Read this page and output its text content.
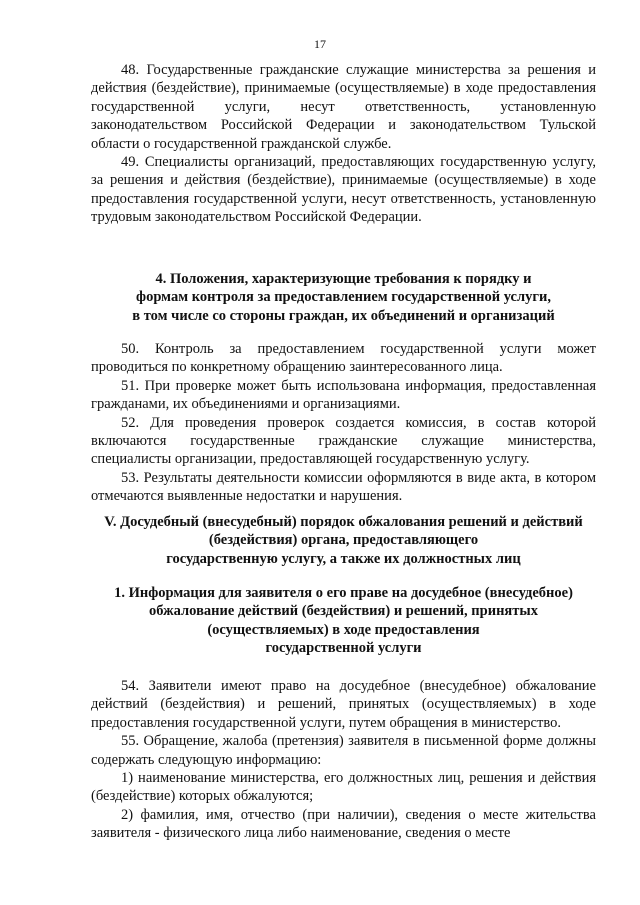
17

48. Государственные гражданские служащие министерства за решения и действия (бездействие), принимаемые (осуществляемые) в ходе предоставления государственной услуги, несут ответственность, установленную законодательством Российской Федерации и законодательством Тульской области о государственной гражданской службе.

49. Специалисты организаций, предоставляющих государственную услугу, за решения и действия (бездействие), принимаемые (осуществляемые) в ходе предоставления государственной услуги, несут ответственность, установленную трудовым законодательством Российской Федерации.

4. Положения, характеризующие требования к порядку и
формам контроля за предоставлением государственной услуги,
в том числе со стороны граждан, их объединений и организаций

50. Контроль за предоставлением государственной услуги может проводиться по конкретному обращению заинтересованного лица.

51. При проверке может быть использована информация, предоставленная гражданами, их объединениями и организациями.

52. Для проведения проверок создается комиссия, в состав которой включаются государственные гражданские служащие министерства, специалисты организации, предоставляющей государственную услугу.

53. Результаты деятельности комиссии оформляются в виде акта, в котором отмечаются выявленные недостатки и нарушения.

V. Досудебный (внесудебный) порядок обжалования решений и действий
(бездействия) органа, предоставляющего
государственную услугу, а также их должностных лиц
1. Информация для заявителя о его праве на досудебное (внесудебное)
обжалование действий (бездействия) и решений, принятых
(осуществляемых) в ходе предоставления
государственной услуги

54. Заявители имеют право на досудебное (внесудебное) обжалование действий (бездействия) и решений, принятых (осуществляемых) в ходе предоставления государственной услуги, путем обращения в министерство.

55. Обращение, жалоба (претензия) заявителя в письменной форме должны содержать следующую информацию:

1) наименование министерства, его должностных лиц, решения и действия (бездействие) которых обжалуются;

2) фамилия, имя, отчество (при наличии), сведения о месте жительства заявителя - физического лица либо наименование, сведения о месте
